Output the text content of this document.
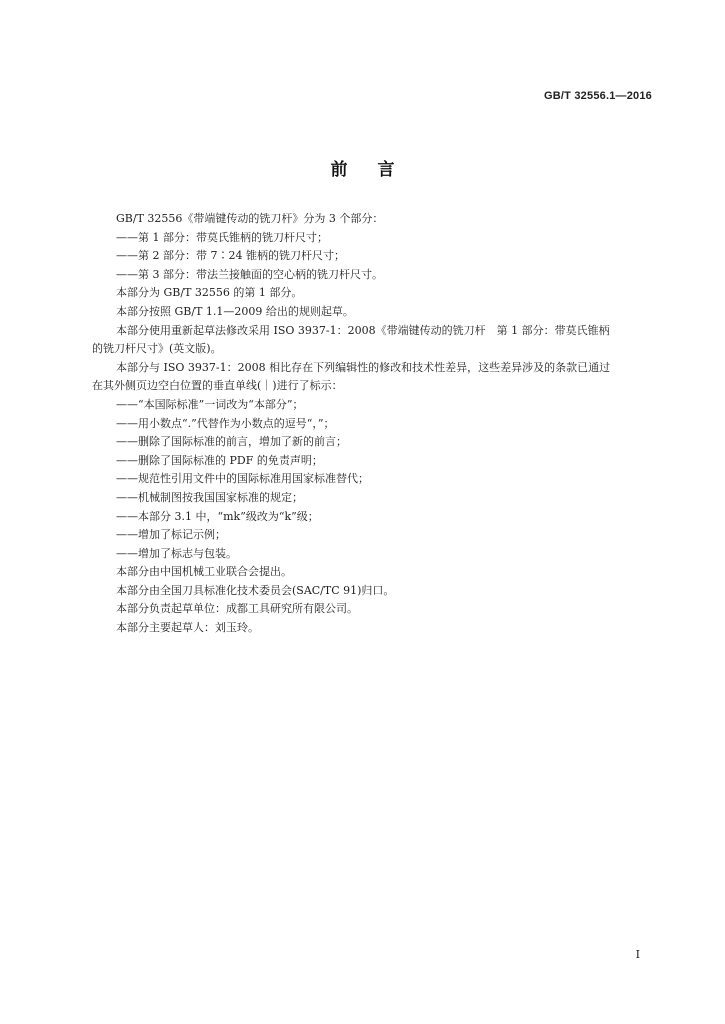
GB/T 32556.1—2016
前言
GB/T 32556《带端键传动的铣刀杆》分为 3 个部分：
——第 1 部分：带莫氏锥柄的铣刀杆尺寸；
——第 2 部分：带 7∶24 锥柄的铣刀杆尺寸；
——第 3 部分：带法兰接触面的空心柄的铣刀杆尺寸。
本部分为 GB/T 32556 的第 1 部分。
本部分按照 GB/T 1.1—2009 给出的规则起草。
本部分使用重新起草法修改采用 ISO 3937-1：2008《带端键传动的铣刀杆　第 1 部分：带莫氏锥柄
的铣刀杆尺寸》(英文版)。
本部分与 ISO 3937-1：2008 相比存在下列编辑性的修改和技术性差异，这些差异涉及的条款已通过
在其外侧页边空白位置的垂直单线(｜)进行了标示：
——“本国际标准”一词改为“本部分”；
——用小数点“.”代替作为小数点的逗号“，”；
——删除了国际标准的前言，增加了新的前言；
——删除了国际标准的 PDF 的免责声明；
——规范性引用文件中的国际标准用国家标准替代；
——机械制图按我国国家标准的规定；
——本部分 3.1 中，“mk”级改为“k”级；
——增加了标记示例；
——增加了标志与包装。
本部分由中国机械工业联合会提出。
本部分由全国刀具标准化技术委员会(SAC/TC 91)归口。
本部分负责起草单位：成都工具研究所有限公司。
本部分主要起草人：刘玉玲。
I
